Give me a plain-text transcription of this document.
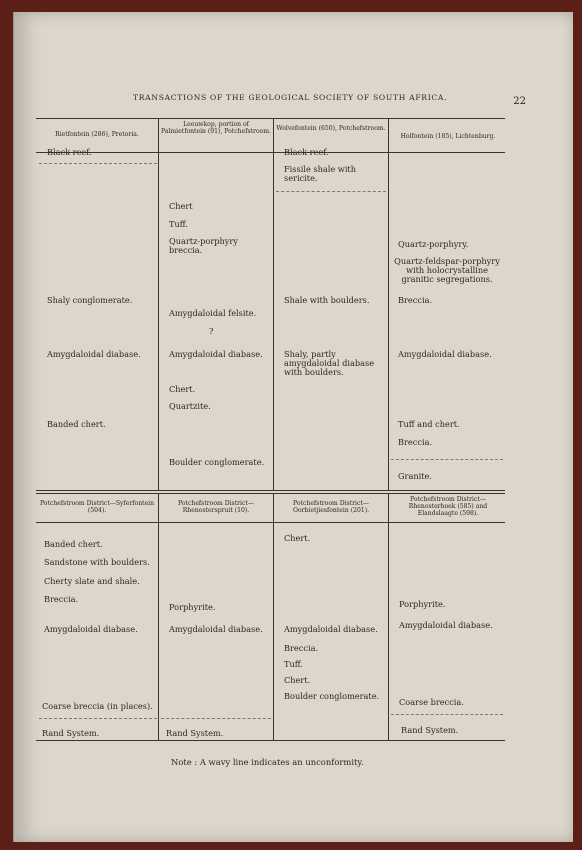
TRANSACTIONS OF THE GEOLOGICAL SOCIETY OF SOUTH AFRICA.	22
Rietfontein (286), Pretoria.
Leeuwkop, portion of Palmietfontein (91), Potchefstroom. Wolvefontein (650), Potchefstroom.
Holfontein (185), Lichtenburg.
Black reef.
Shaly conglomerate.
Amygdaloidal diabase.
Banded chert.
Chert
Tuff.
Quartz-porphyry breccia.
Amygdaloidal felsite.
?
Amygdaloidal diabase.
Chert.
Quartzite.
Boulder conglomerate.
Black reef.
Fissile shale with sericite.
Shale with boulders.
Shaly, partly amygdaloidal diabase with boulders.
Quartz-porphyry.
Quartz-feldspar-porphyry with holocrystalline granitic segregations.
Breccia.
Amygdaloidal diabase.
Tuff and chert.
Breccia.
Granite.
Potchefstroom District—Syferfontein (504).
Potchefstroom District—Rhenosterspruit (10).
Potchefstroom District—Oorbietjiesfontein (201).
Potchefstroom District—Rhenosterhoek (585) and Elandslaagte (598).
Banded chert.
Sandstone with boulders.
Cherty slate and shale.
Breccia.
Amygdaloidal diabase.
Coarse breccia (in places).
Rand System.
Porphyrite.
Amygdaloidal diabase.
Rand System.
Chert.
Amygdaloidal diabase.
Breccia.
Tuff.
Chert.
Boulder conglomerate.
Porphyrite.
Amygdaloidal diabase.
Coarse breccia.
Rand System.
Note : A wavy line indicates an unconformity.
